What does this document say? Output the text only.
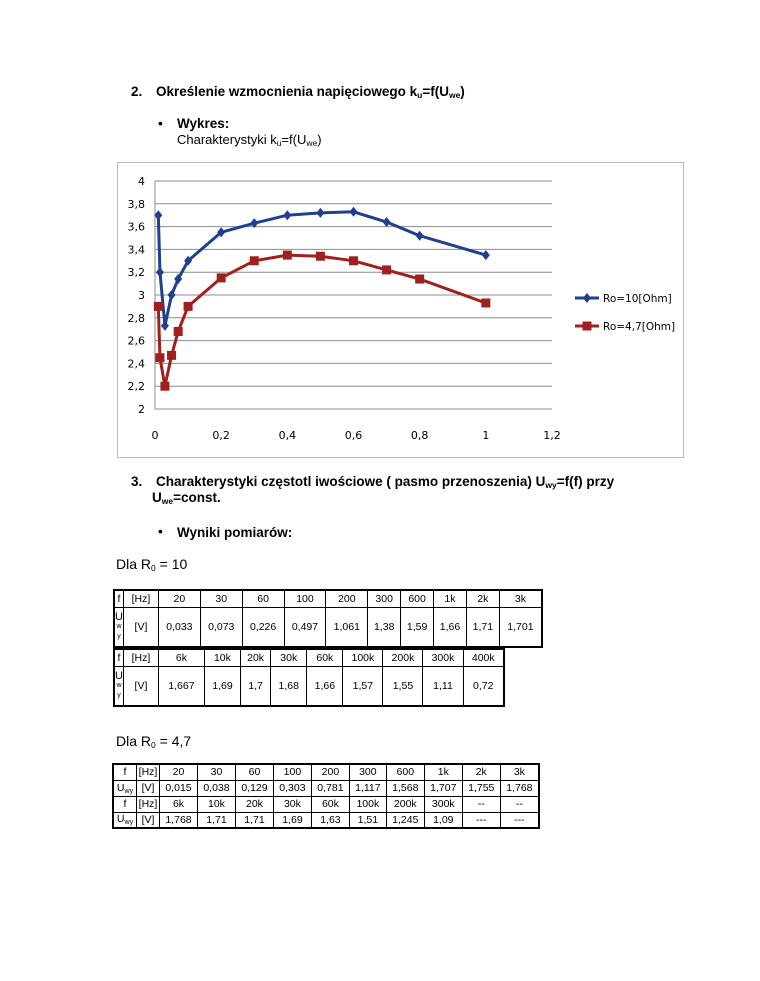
2. Określenie wzmocnienia napięciowego $k_u=f(U_{we})$
• Wykres:
Charakterystyki $k_u=f(U_{we})$
2
2,2
2,4
2,6
2,8
3
3,2
3,4
3,6
3,8
4
0	0,2	0,4	0,6	0,8	1	1,2
Ro=10[Ohm]
Ro=4,7[Ohm]
3. Charakterystyki częstotl iwościowe ( pasmo przenoszenia) $U_{wy}=f(f)$ przy
$U_{we}=const$.
• Wyniki pomiarów:
Dla $R_0 = 10$
f	[Hz]	20	30	60	100	200	300	600	1k	2k	3k

U
w
y	[V]	0,033	0,073	0,226	0,497	1,061	1,38	1,59	1,66	1,71	1,701
f	[Hz]	6k	10k	20k	30k	60k	100k	200k	300k	400k

U
w
y	[V]	1,667	1,69	1,7	1,68	1,66	1,57	1,55	1,11	0,72
Dla $R_0 = 4,7$
f	[Hz]	20	30	60	100	200	300	600	1k	2k	3k
$U_{wy}$	[V]	0,015	0,038	0,129	0,303	0,781	1,117	1,568	1,707	1,755	1,768
f	[Hz]	6k	10k	20k	30k	60k	100k	200k	300k	--	--
$U_{wy}$	[V]	1,768	1,71	1,71	1,69	1,63	1,51	1,245	1,09	---	---
